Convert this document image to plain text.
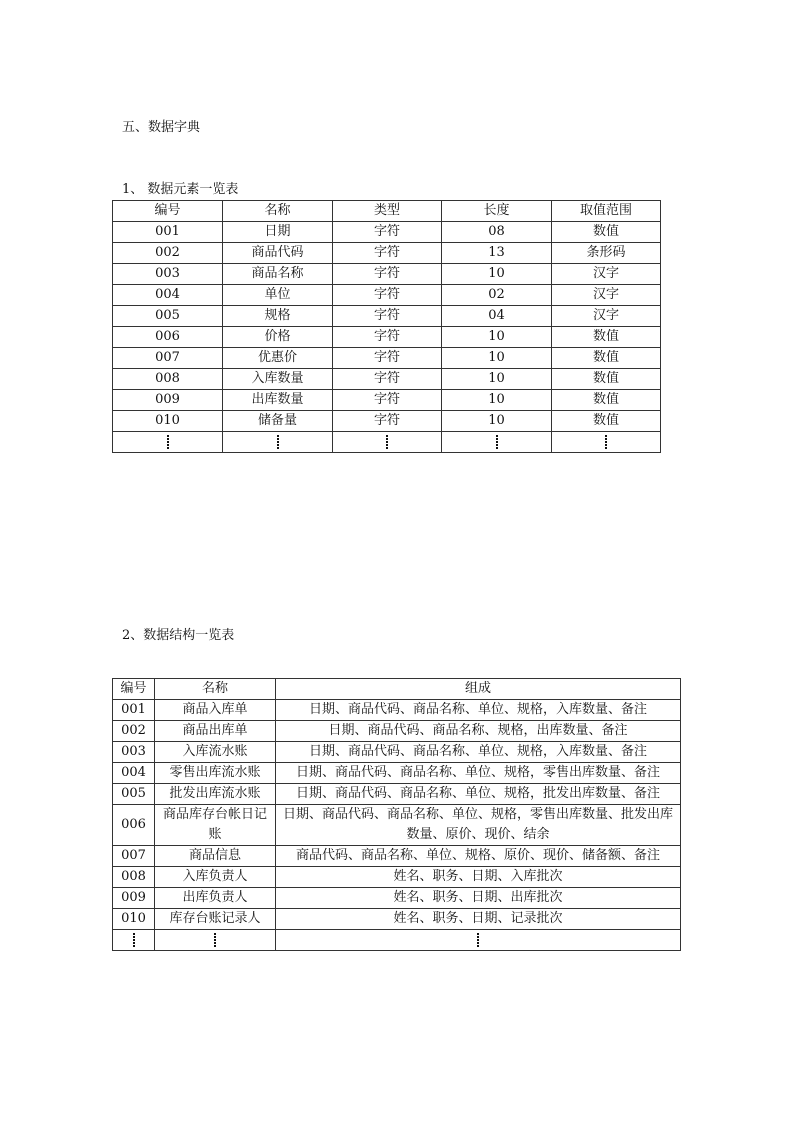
五、数据字典

1、 数据元素一览表

编号	名称	类型	长度	取值范围
001	日期	字符	08	数值
002	商品代码	字符	13	条形码
003	商品名称	字符	10	汉字
004	单位	字符	02	汉字
005	规格	字符	04	汉字
006	价格	字符	10	数值
007	优惠价	字符	10	数值
008	入库数量	字符	10	数值
009	出库数量	字符	10	数值
010	储备量	字符	10	数值

2、数据结构一览表

编号	名称	组成
001	商品入库单	日期、商品代码、商品名称、单位、规格，入库数量、备注
002	商品出库单	日期、商品代码、商品名称、规格，出库数量、备注
003	入库流水账	日期、商品代码、商品名称、单位、规格，入库数量、备注
004	零售出库流水账	日期、商品代码、商品名称、单位、规格，零售出库数量、备注
005	批发出库流水账	日期、商品代码、商品名称、单位、规格，批发出库数量、备注
006	商品库存台帐日记账	日期、商品代码、商品名称、单位、规格，零售出库数量、批发出库数量、原价、现价、结余
007	商品信息	商品代码、商品名称、单位、规格、原价、现价、储备额、备注
008	入库负责人	姓名、职务、日期、入库批次
009	出库负责人	姓名、职务、日期、出库批次
010	库存台账记录人	姓名、职务、日期、记录批次
